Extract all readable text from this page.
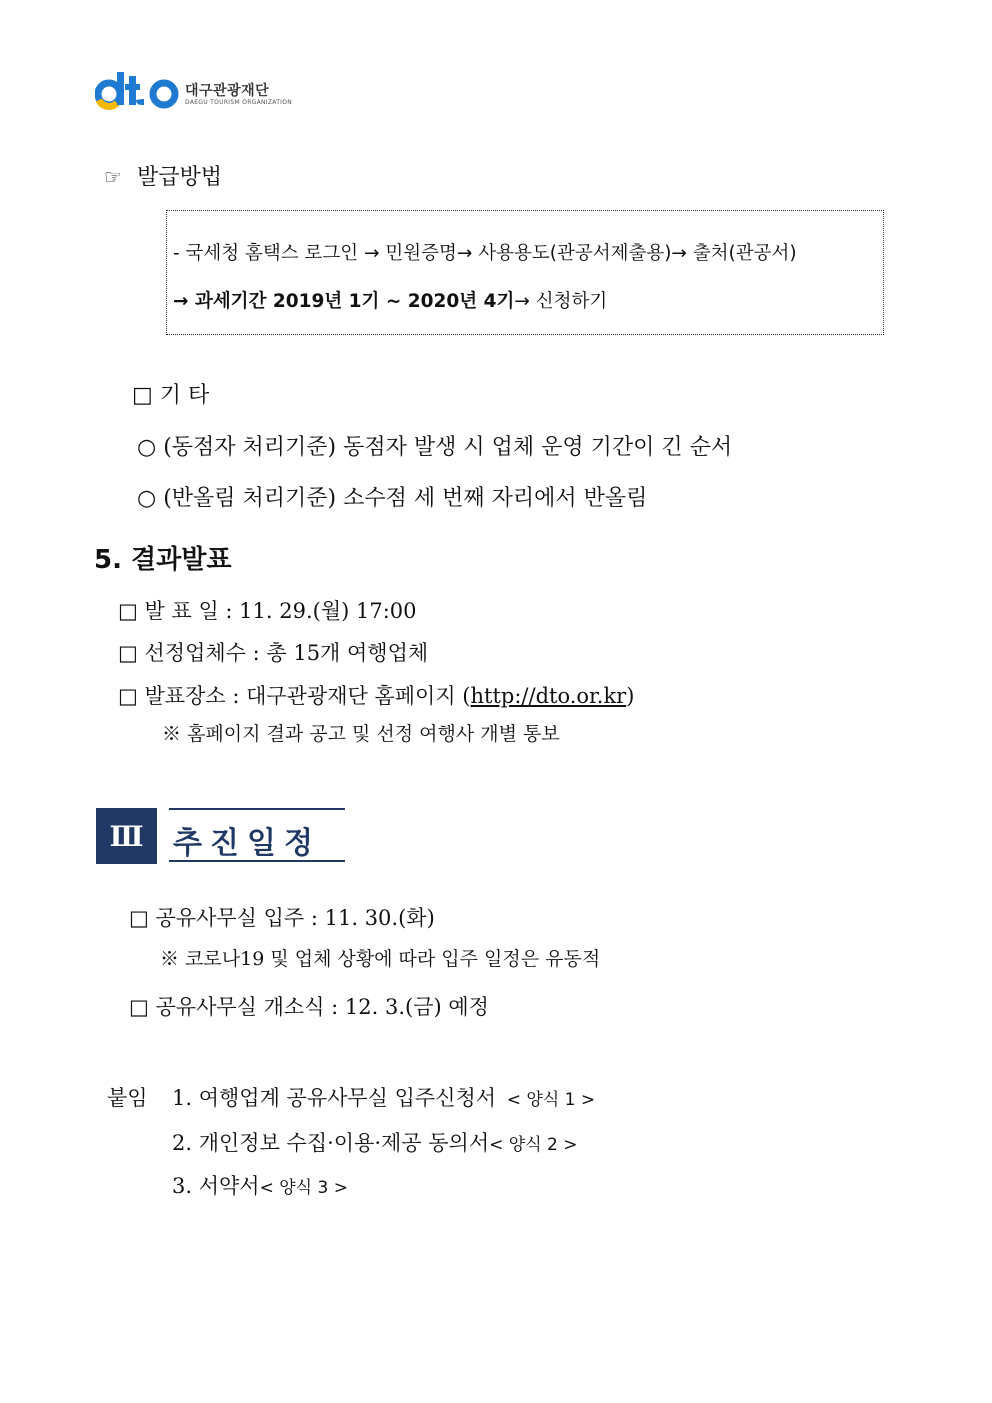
대구관광재단
DAEGU TOURISM ORGANIZATION
☞ 발급방법
- 국세청 홈택스 로그인 → 민원증명→ 사용용도(관공서제출용)→ 출처(관공서)
→ 과세기간 2019년 1기 ~ 2020년 4기→ 신청하기
□ 기 타
○ (동점자 처리기준) 동점자 발생 시 업체 운영 기간이 긴 순서
○ (반올림 처리기준) 소수점 세 번째 자리에서 반올림
5. 결과발표
□ 발 표 일 : 11. 29.(월) 17:00
□ 선정업체수 : 총 15개 여행업체
□ 발표장소 : 대구관광재단 홈페이지 (http://dto.or.kr)
※ 홈페이지 결과 공고 및 선정 여행사 개별 통보
Ⅲ 추진일정
□ 공유사무실 입주 : 11. 30.(화)
※ 코로나19 및 업체 상황에 따라 입주 일정은 유동적
□ 공유사무실 개소식 : 12. 3.(금) 예정
붙임 1. 여행업계 공유사무실 입주신청서 < 양식 1 >
2. 개인정보 수집·이용·제공 동의서< 양식 2 >
3. 서약서< 양식 3 >
